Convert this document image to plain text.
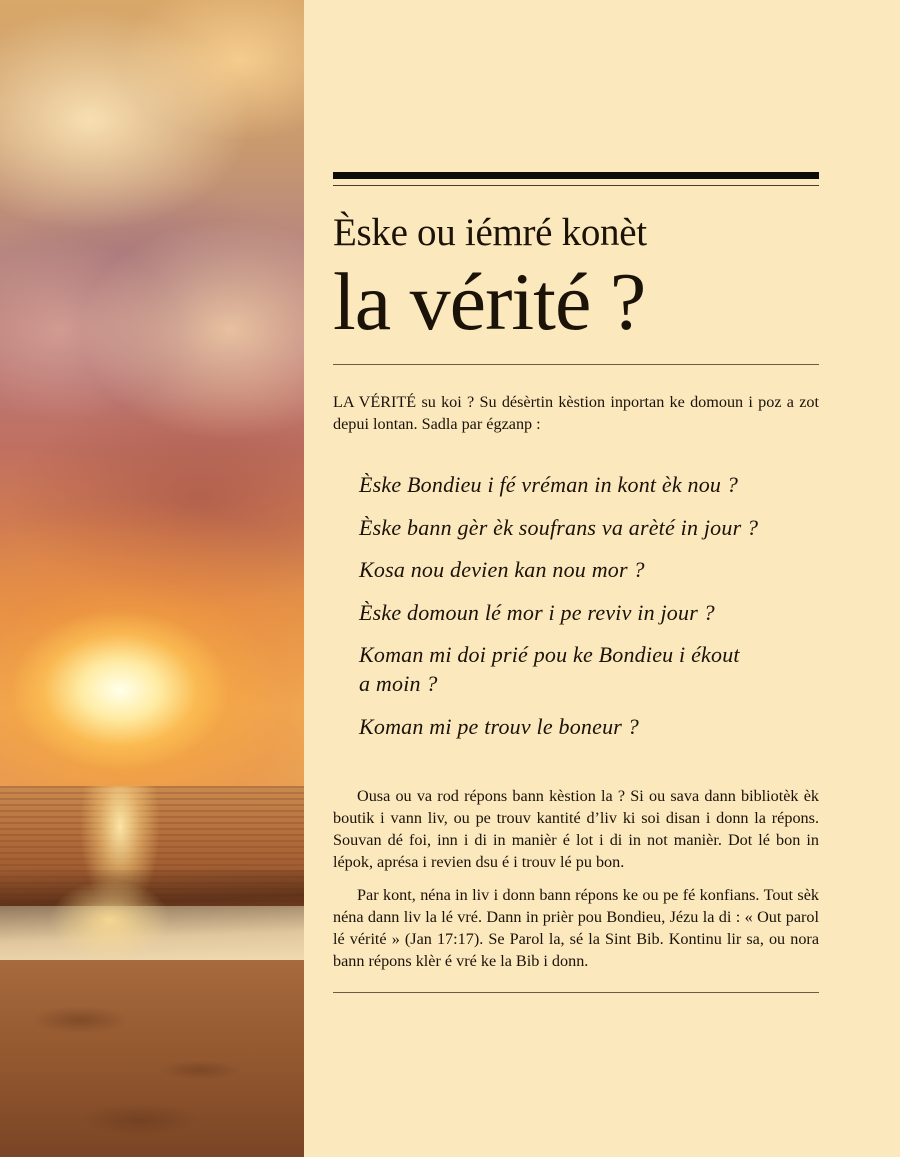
Èske ou iémré konèt
la vérité ?

LA VÉRITÉ su koi ? Su désèrtin kèstion inportan ke domoun i poz a zot depui lontan. Sadla par égzanp :

Èske Bondieu i fé vréman in kont èk nou ?
Èske bann gèr èk soufrans va arèté in jour ?
Kosa nou devien kan nou mor ?
Èske domoun lé mor i pe reviv in jour ?
Koman mi doi prié pou ke Bondieu i ékout a moin ?
Koman mi pe trouv le boneur ?

Ousa ou va rod répons bann kèstion la ? Si ou sava dann bibliotèk èk boutik i vann liv, ou pe trouv kantité d’liv ki soi disan i donn la répons. Souvan dé foi, inn i di in manièr é lot i di in not manièr. Dot lé bon in lépok, aprésa i revien dsu é i trouv lé pu bon.

Par kont, néna in liv i donn bann répons ke ou pe fé konfians. Tout sèk néna dann liv la lé vré. Dann in prièr pou Bondieu, Jézu la di : « Out parol lé vérité » (Jan 17:17). Se Parol la, sé la Sint Bib. Kontinu lir sa, ou nora bann répons klèr é vré ke la Bib i donn.
